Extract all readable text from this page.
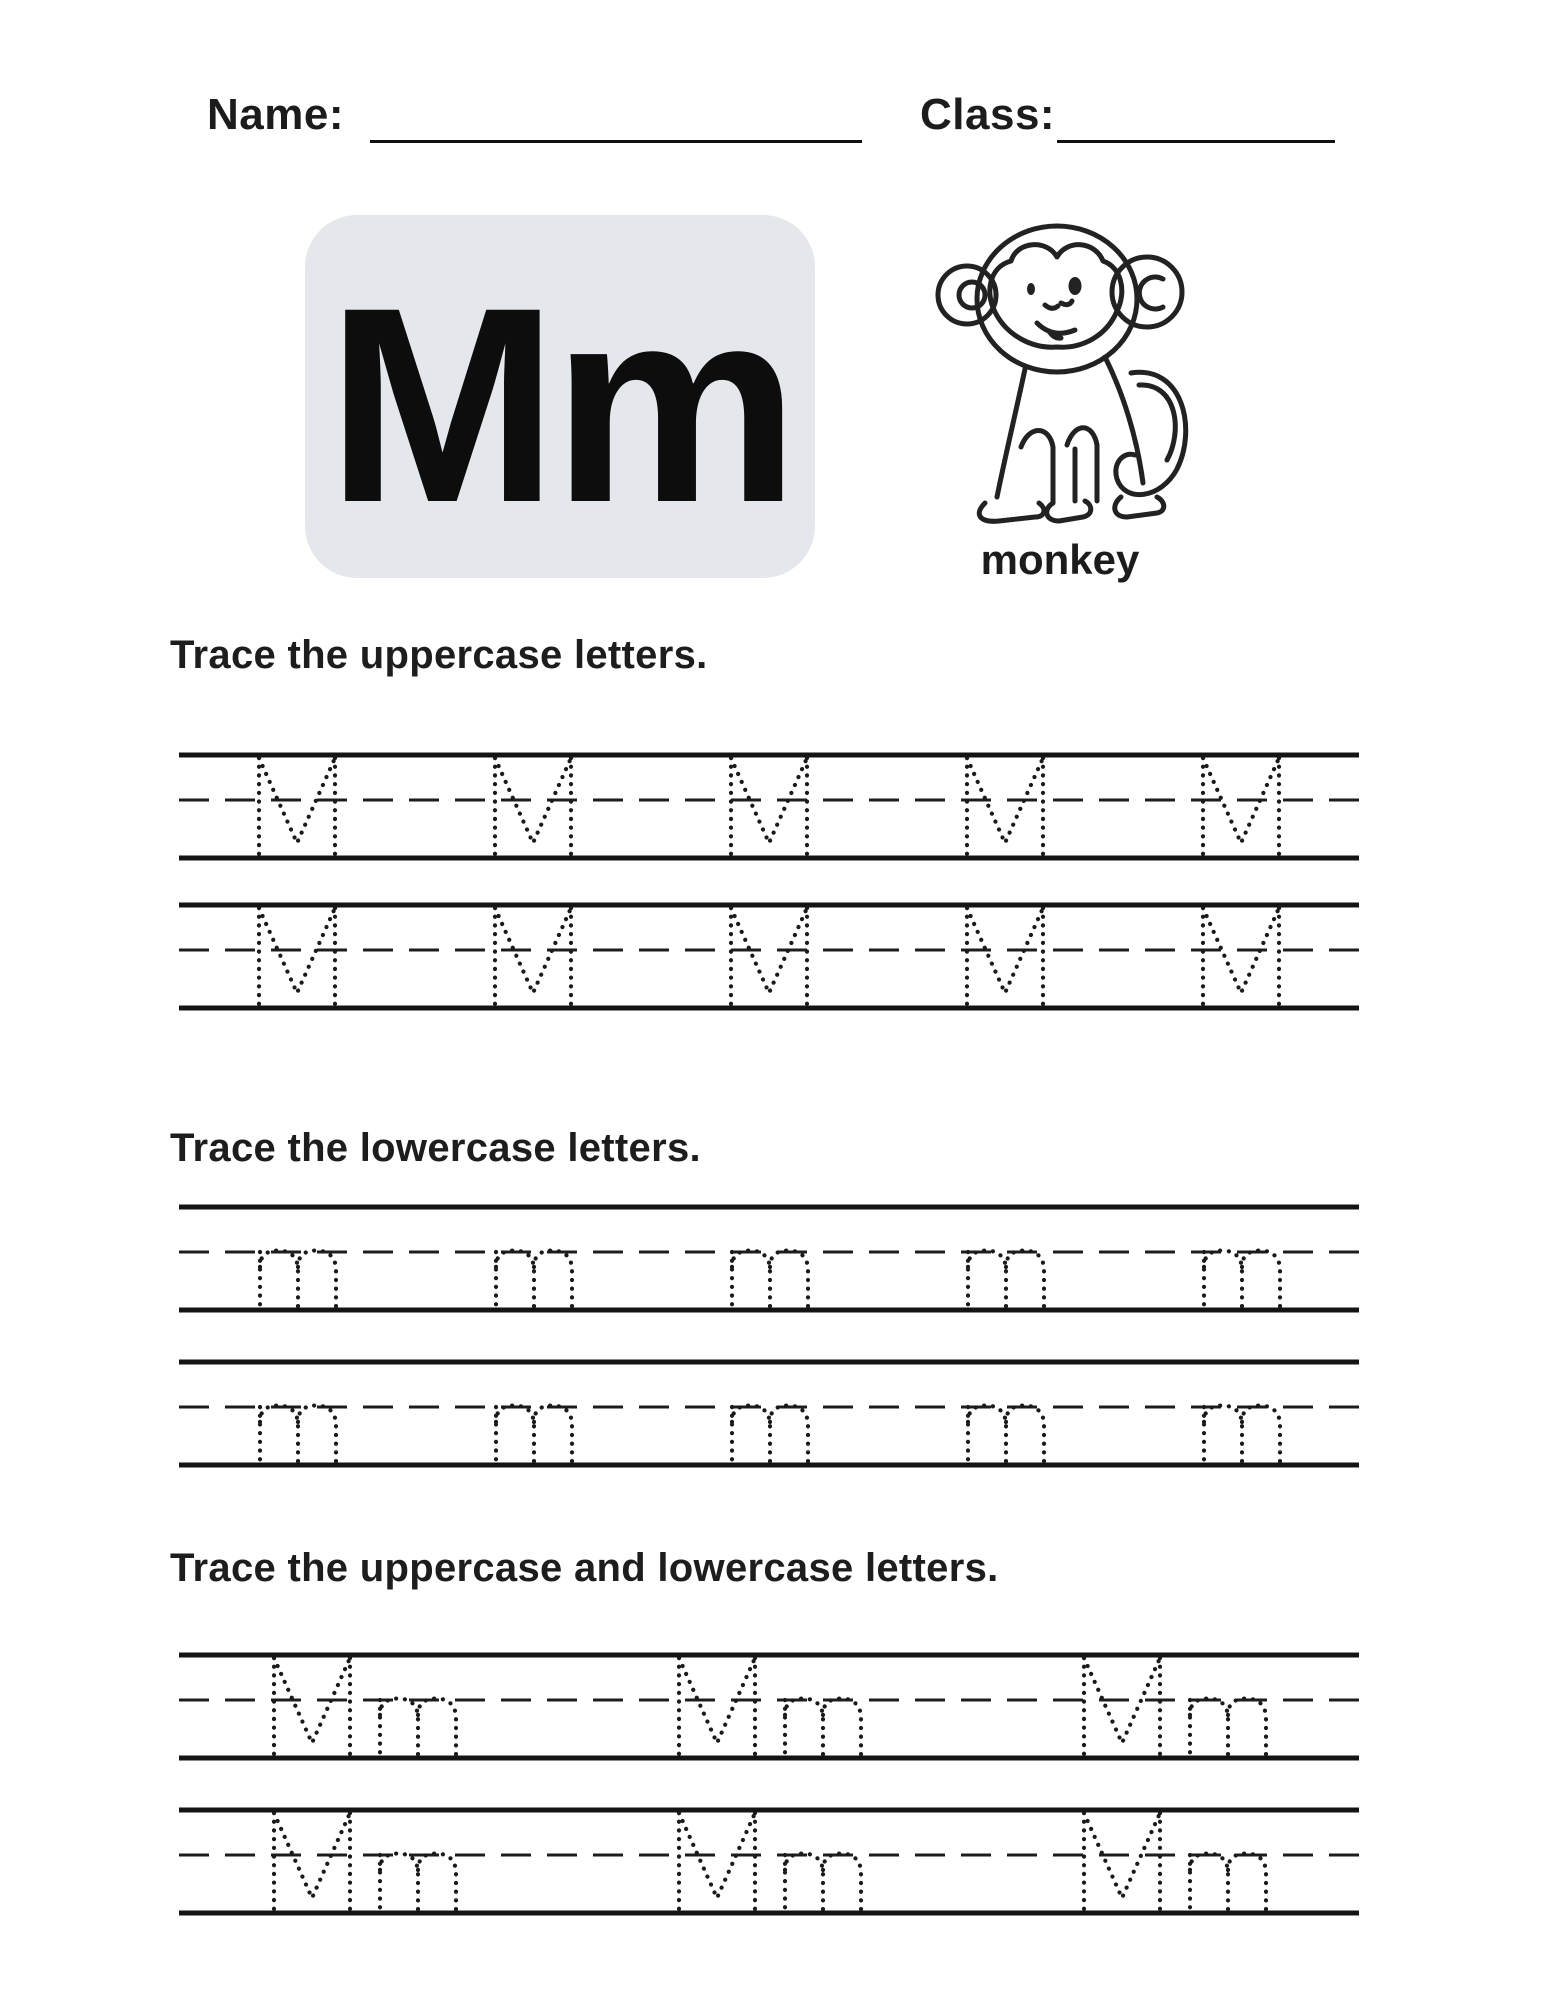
Name:	Class:
Mm	monkey
Trace the uppercase letters.
Trace the lowercase letters.
Trace the uppercase and lowercase letters.
